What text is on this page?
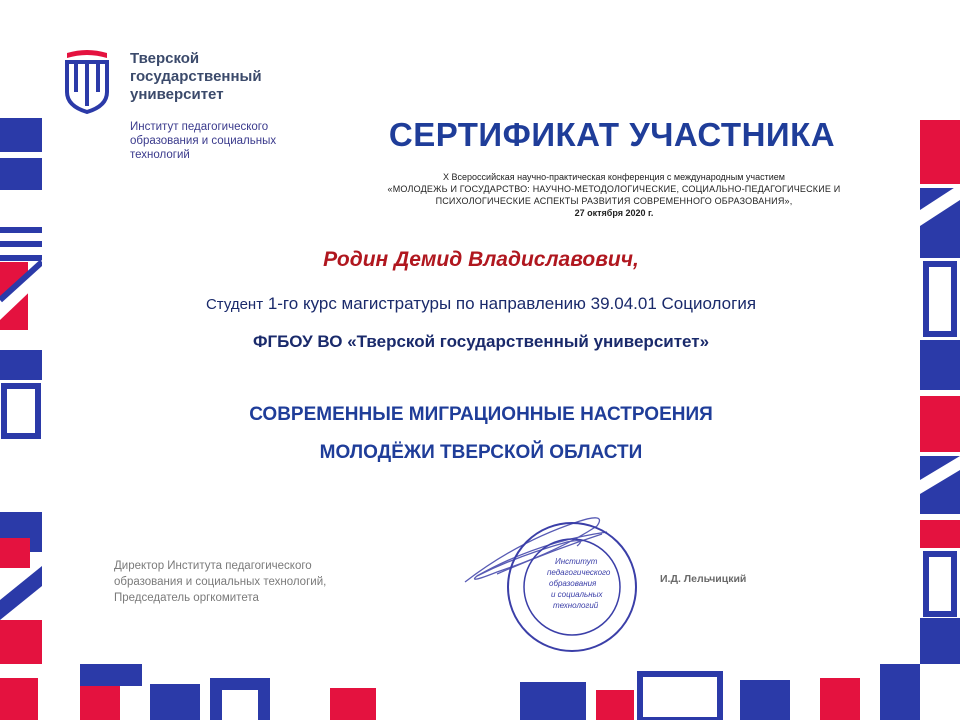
Тверской
государственный
университет
Институт педагогического
образования и социальных
технологий
СЕРТИФИКАТ УЧАСТНИКА
X Всероссийская научно-практическая конференция с международным участием
«МОЛОДЕЖЬ И ГОСУДАРСТВО: НАУЧНО-МЕТОДОЛОГИЧЕСКИЕ, СОЦИАЛЬНО-ПЕДАГОГИЧЕСКИЕ И
ПСИХОЛОГИЧЕСКИЕ АСПЕКТЫ РАЗВИТИЯ СОВРЕМЕННОГО ОБРАЗОВАНИЯ»,
27 октября 2020 г.
Родин Демид Владиславович,
Студент 1-го курс магистратуры по направлению 39.04.01 Социология
ФГБОУ ВО «Тверской государственный университет»
СОВРЕМЕННЫЕ МИГРАЦИОННЫЕ НАСТРОЕНИЯ
МОЛОДЁЖИ ТВЕРСКОЙ ОБЛАСТИ
Директор Института педагогического
образования и социальных технологий,
Председатель оргкомитета
Институт
педагогического
образования
и социальных
технологий
И.Д. Лельчицкий
